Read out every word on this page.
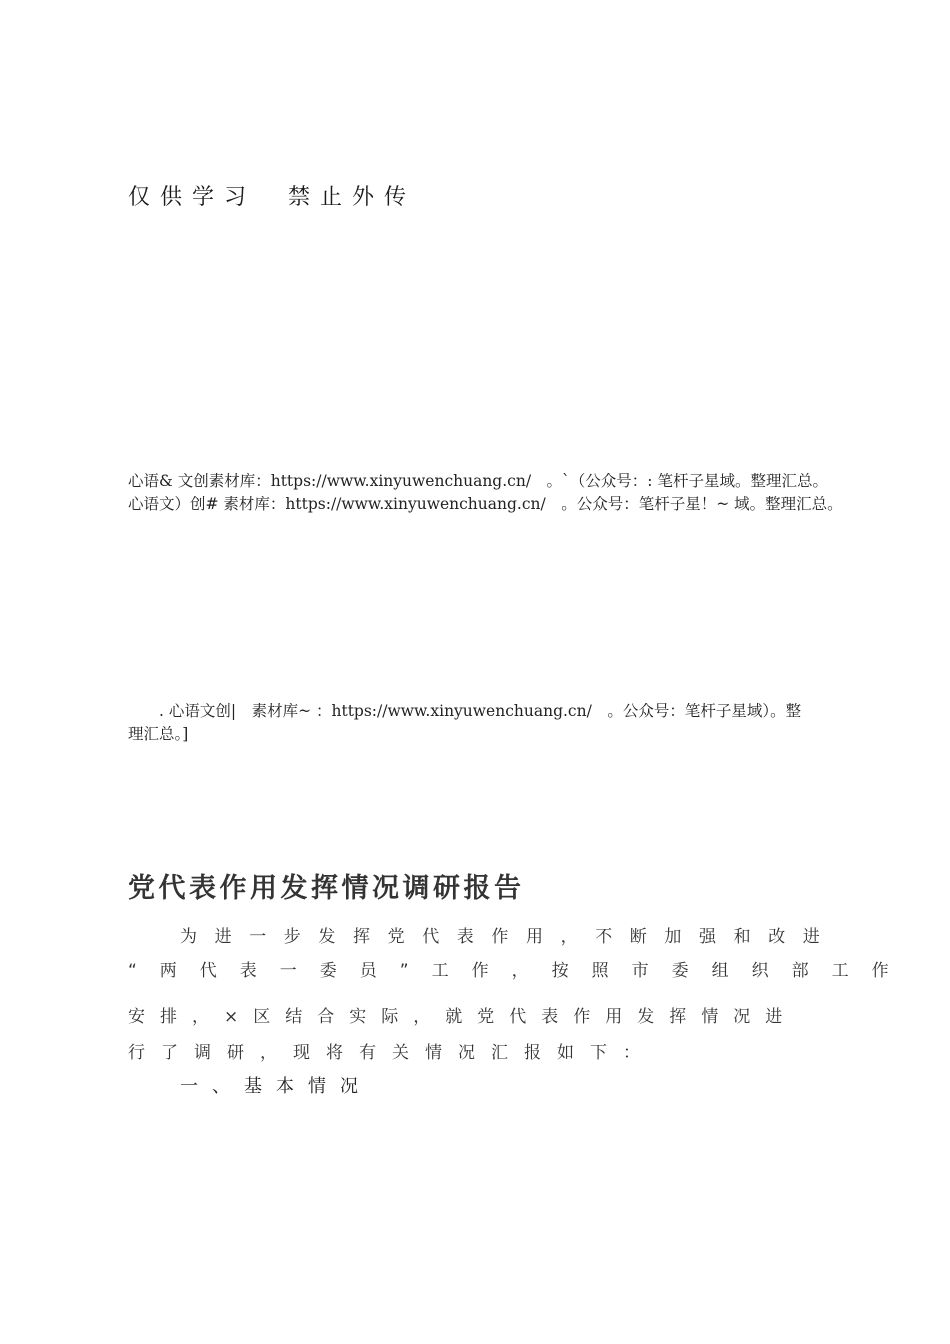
仅供学习　禁止外传
心语& 文创素材库：https://www.xinyuwenchuang.cn/　。`（公众号：: 笔杆子星域。整理汇总。
心语文）创# 素材库：https://www.xinyuwenchuang.cn/　。公众号：笔杆子星！~ 域。整理汇总。
　　. 心语文创|　素材库~ ：https://www.xinyuwenchuang.cn/　。公众号：笔杆子星域）。整
理汇总。]
党代表作用发挥情况调研报告
为进一步发挥党代表作用，不断加强和改进
“两代表一委员”工作，按照市委组织部工作
安排，×区结合实际，就党代表作用发挥情况进
行了调研，现将有关情况汇报如下：
一、基本情况
